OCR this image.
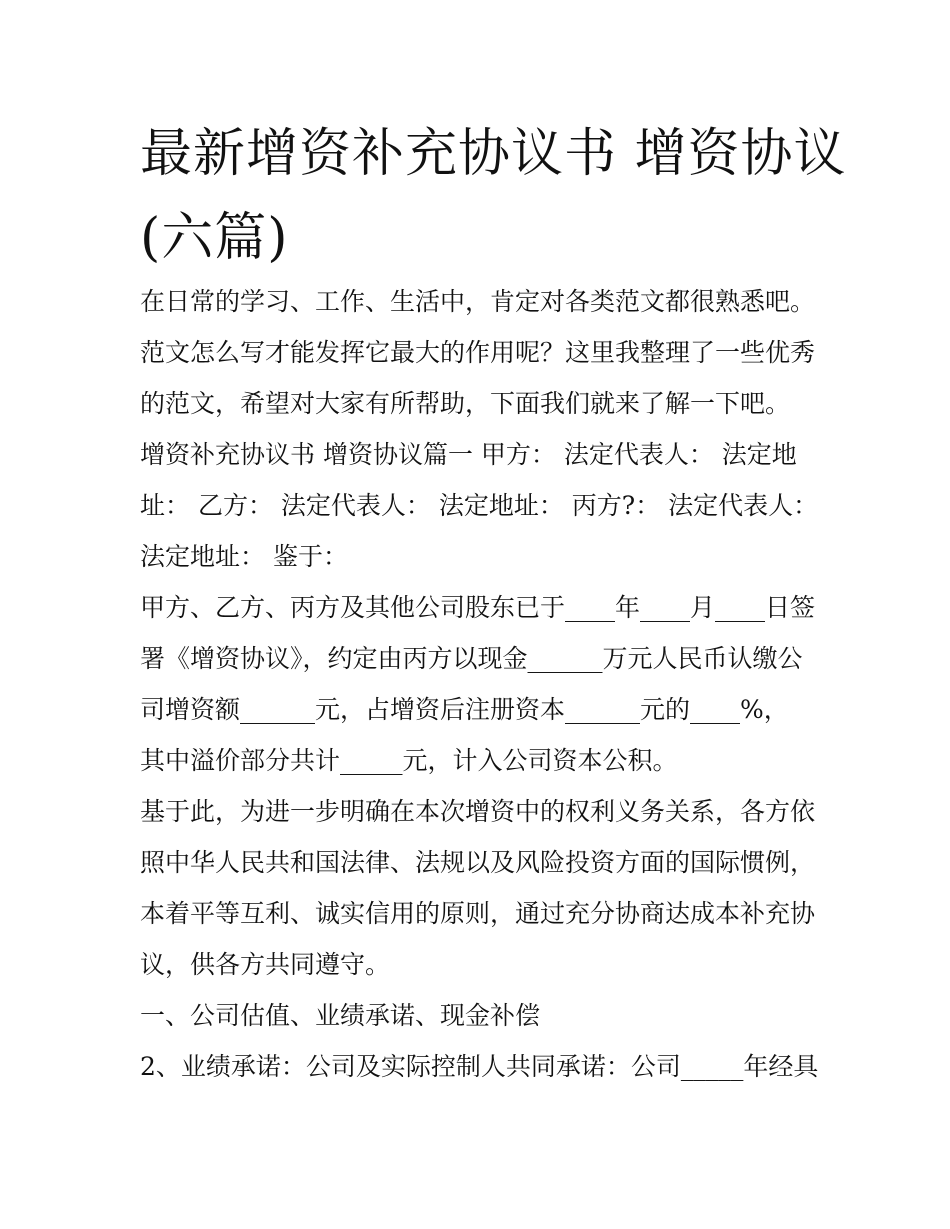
最新增资补充协议书 增资协议
(六篇)
在日常的学习、工作、生活中，肯定对各类范文都很熟悉吧。
范文怎么写才能发挥它最大的作用呢？这里我整理了一些优秀
的范文，希望对大家有所帮助，下面我们就来了解一下吧。
增资补充协议书 增资协议篇一 甲方： 法定代表人： 法定地
址： 乙方： 法定代表人： 法定地址： 丙方?： 法定代表人：
法定地址： 鉴于：
甲方、乙方、丙方及其他公司股东已于____年____月____日签
署《增资协议》，约定由丙方以现金______万元人民币认缴公
司增资额______元，占增资后注册资本______元的____%，
其中溢价部分共计_____元，计入公司资本公积。
基于此，为进一步明确在本次增资中的权利义务关系，各方依
照中华人民共和国法律、法规以及风险投资方面的国际惯例，
本着平等互利、诚实信用的原则，通过充分协商达成本补充协
议，供各方共同遵守。
一、公司估值、业绩承诺、现金补偿
2、业绩承诺：公司及实际控制人共同承诺：公司_____年经具
